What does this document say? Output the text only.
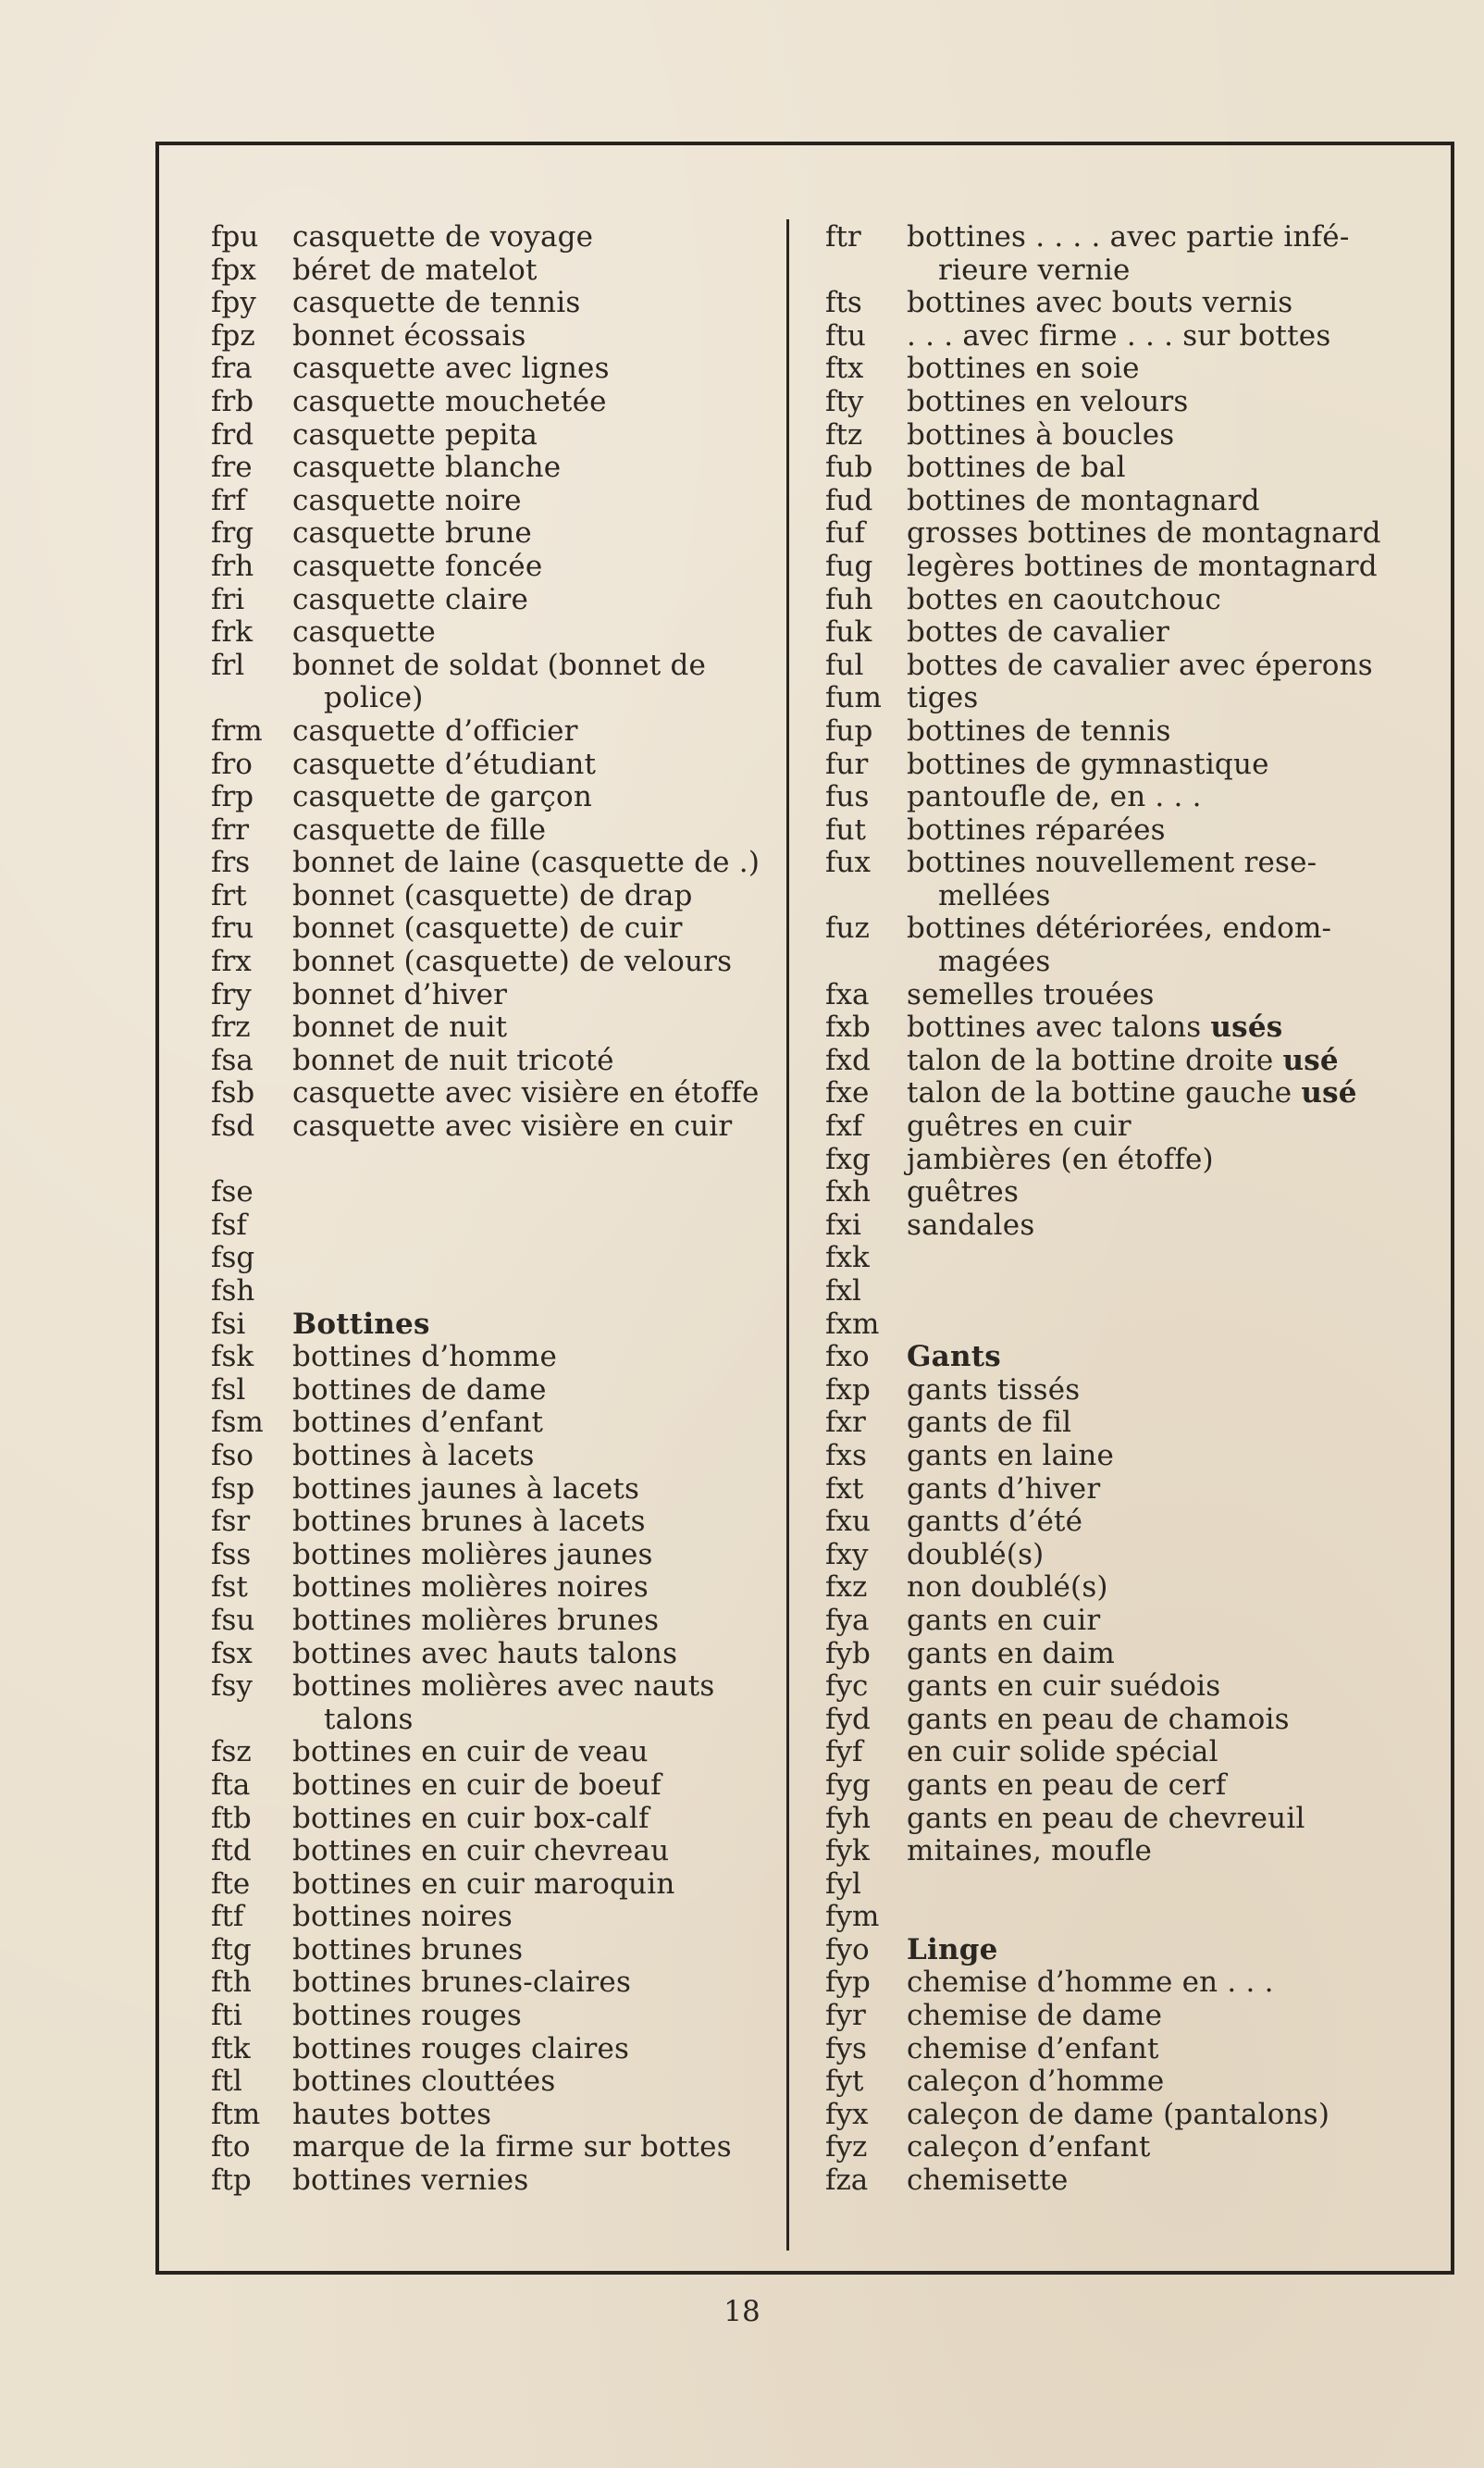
fpu	casquette de voyage
fpx	béret de matelot
fpy	casquette de tennis
fpz	bonnet écossais
fra	casquette avec lignes
frb	casquette mouchetée
frd	casquette pepita
fre	casquette blanche
frf	casquette noire
frg	casquette brune
frh	casquette foncée
fri	casquette claire
frk	casquette
frl	bonnet de soldat (bonnet de
police)
frm	casquette d’officier
fro	casquette d’étudiant
frp	casquette de garçon
frr	casquette de fille
frs	bonnet de laine (casquette de .)
frt	bonnet (casquette) de drap
fru	bonnet (casquette) de cuir
frx	bonnet (casquette) de velours
fry	bonnet d’hiver
frz	bonnet de nuit
fsa	bonnet de nuit tricoté
fsb	casquette avec visière en étoffe
fsd	casquette avec visière en cuir
fse
fsf
fsg
fsh
fsi	Bottines
fsk	bottines d’homme
fsl	bottines de dame
fsm	bottines d’enfant
fso	bottines à lacets
fsp	bottines jaunes à lacets
fsr	bottines brunes à lacets
fss	bottines molières jaunes
fst	bottines molières noires
fsu	bottines molières brunes
fsx	bottines avec hauts talons
fsy	bottines molières avec nauts
talons
fsz	bottines en cuir de veau
fta	bottines en cuir de boeuf
ftb	bottines en cuir box-calf
ftd	bottines en cuir chevreau
fte	bottines en cuir maroquin
ftf	bottines noires
ftg	bottines brunes
fth	bottines brunes-claires
fti	bottines rouges
ftk	bottines rouges claires
ftl	bottines clouttées
ftm	hautes bottes
fto	marque de la firme sur bottes
ftp	bottines vernies
ftr	bottines . . . . avec partie infé-
rieure vernie
fts	bottines avec bouts vernis
ftu	. . . avec firme . . . sur bottes
ftx	bottines en soie
fty	bottines en velours
ftz	bottines à boucles
fub	bottines de bal
fud	bottines de montagnard
fuf	grosses bottines de montagnard
fug	legères bottines de montagnard
fuh	bottes en caoutchouc
fuk	bottes de cavalier
ful	bottes de cavalier avec éperons
fum tiges
fup	bottines de tennis
fur	bottines de gymnastique
fus	pantoufle de, en . . .
fut	bottines réparées
fux	bottines nouvellement rese-
mellées
fuz	bottines détériorées, endom-
magées
fxa	semelles trouées
fxb	bottines avec talons usés
fxd	talon de la bottine droite usé
fxe	talon de la bottine gauche usé
fxf	guêtres en cuir
fxg	jambières (en étoffe)
fxh	guêtres
fxi	sandales
fxk
fxl
fxm
fxo	Gants
fxp	gants tissés
fxr	gants de fil
fxs	gants en laine
fxt	gants d’hiver
fxu	gantts d’été
fxy	doublé(s)
fxz	non doublé(s)
fya	gants en cuir
fyb	gants en daim
fyc	gants en cuir suédois
fyd	gants en peau de chamois
fyf	en cuir solide spécial
fyg	gants en peau de cerf
fyh	gants en peau de chevreuil
fyk	mitaines, moufle
fyl
fym
fyo	Linge
fyp	chemise d’homme en . . .
fyr	chemise de dame
fys	chemise d’enfant
fyt	caleçon d’homme
fyx	caleçon de dame (pantalons)
fyz	caleçon d’enfant
fza	chemisette
18
